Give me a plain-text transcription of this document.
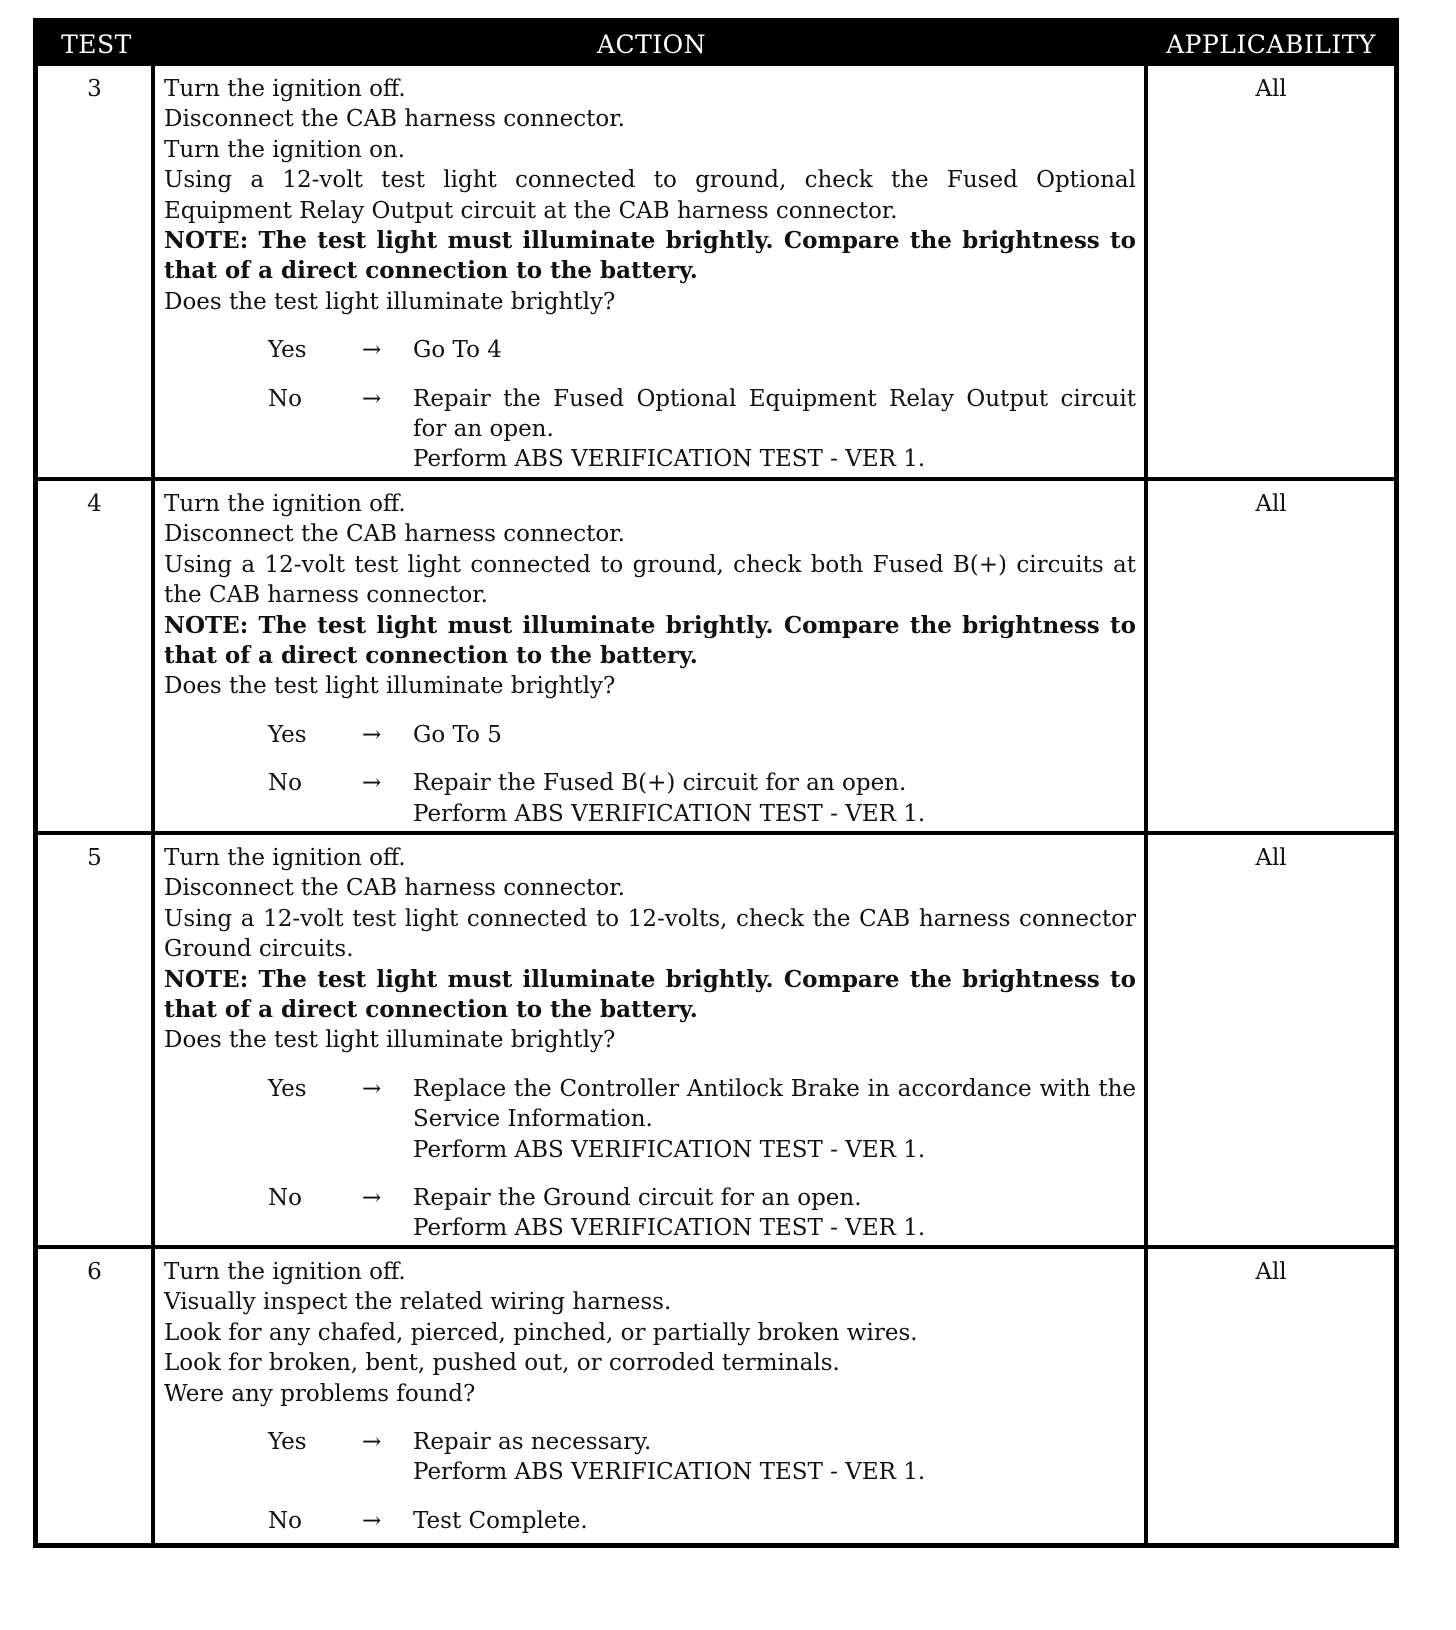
TEST	ACTION	APPLICABILITY
3	Turn the ignition off.
Disconnect the CAB harness connector.
Turn the ignition on.
Using a 12-volt test light connected to ground, check the Fused Optional Equipment Relay Output circuit at the CAB harness connector.
NOTE: The test light must illuminate brightly. Compare the brightness to that of a direct connection to the battery.
Does the test light illuminate brightly?
Yes	→	Go To 4
No	→	Repair the Fused Optional Equipment Relay Output circuit for an open.
Perform ABS VERIFICATION TEST - VER 1.
All
4	Turn the ignition off.
Disconnect the CAB harness connector.
Using a 12-volt test light connected to ground, check both Fused B(+) circuits at the CAB harness connector.
NOTE: The test light must illuminate brightly. Compare the brightness to that of a direct connection to the battery.
Does the test light illuminate brightly?
Yes	→	Go To 5
No	→	Repair the Fused B(+) circuit for an open.
Perform ABS VERIFICATION TEST - VER 1.
All
5	Turn the ignition off.
Disconnect the CAB harness connector.
Using a 12-volt test light connected to 12-volts, check the CAB harness connector Ground circuits.
NOTE: The test light must illuminate brightly. Compare the brightness to that of a direct connection to the battery.
Does the test light illuminate brightly?
Yes	→	Replace the Controller Antilock Brake in accordance with the Service Information.
Perform ABS VERIFICATION TEST - VER 1.
No	→	Repair the Ground circuit for an open.
Perform ABS VERIFICATION TEST - VER 1.
All
6	Turn the ignition off.
Visually inspect the related wiring harness.
Look for any chafed, pierced, pinched, or partially broken wires.
Look for broken, bent, pushed out, or corroded terminals.
Were any problems found?
Yes	→	Repair as necessary.
Perform ABS VERIFICATION TEST - VER 1.
No	→	Test Complete.
All
